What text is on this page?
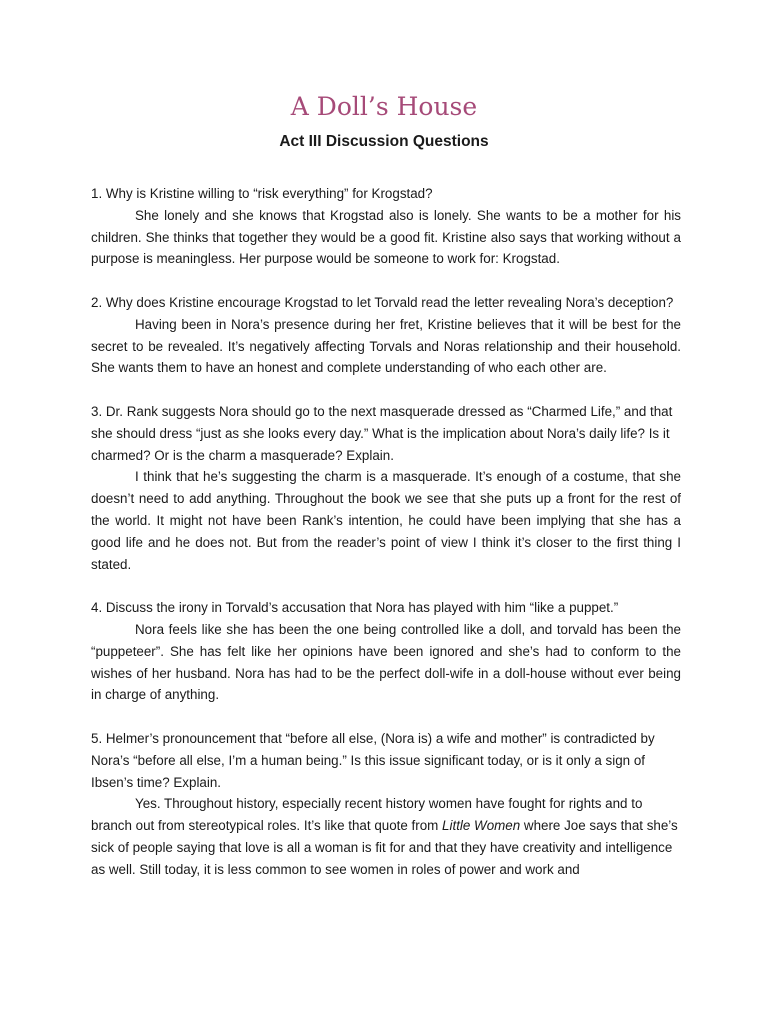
A Doll’s House
Act III Discussion Questions

1. Why is Kristine willing to “risk everything” for Krogstad?

She lonely and she knows that Krogstad also is lonely. She wants to be a mother for his children. She thinks that together they would be a good fit. Kristine also says that working without a purpose is meaningless. Her purpose would be someone to work for: Krogstad.

2. Why does Kristine encourage Krogstad to let Torvald read the letter revealing Nora’s deception?

Having been in Nora’s presence during her fret, Kristine believes that it will be best for the secret to be revealed. It’s negatively affecting Torvals and Noras relationship and their household. She wants them to have an honest and complete understanding of who each other are.

3. Dr. Rank suggests Nora should go to the next masquerade dressed as “Charmed Life,” and that she should dress “just as she looks every day.” What is the implication about Nora’s daily life? Is it charmed? Or is the charm a masquerade? Explain.

I think that he’s suggesting the charm is a masquerade. It’s enough of a costume, that she doesn’t need to add anything. Throughout the book we see that she puts up a front for the rest of the world. It might not have been Rank’s intention, he could have been implying that she has a good life and he does not. But from the reader’s point of view I think it’s closer to the first thing I stated.

4. Discuss the irony in Torvald’s accusation that Nora has played with him “like a puppet.”

Nora feels like she has been the one being controlled like a doll, and torvald has been the “puppeteer”. She has felt like her opinions have been ignored and she’s had to conform to the wishes of her husband. Nora has had to be the perfect doll-wife in a doll-house without ever being in charge of anything.

5. Helmer’s pronouncement that “before all else, (Nora is) a wife and mother” is contradicted by Nora’s “before all else, I’m a human being.” Is this issue significant today, or is it only a sign of Ibsen’s time? Explain.

Yes. Throughout history, especially recent history women have fought for rights and to branch out from stereotypical roles. It’s like that quote from Little Women where Joe says that she’s sick of people saying that love is all a woman is fit for and that they have creativity and intelligence as well. Still today, it is less common to see women in roles of power and work and
